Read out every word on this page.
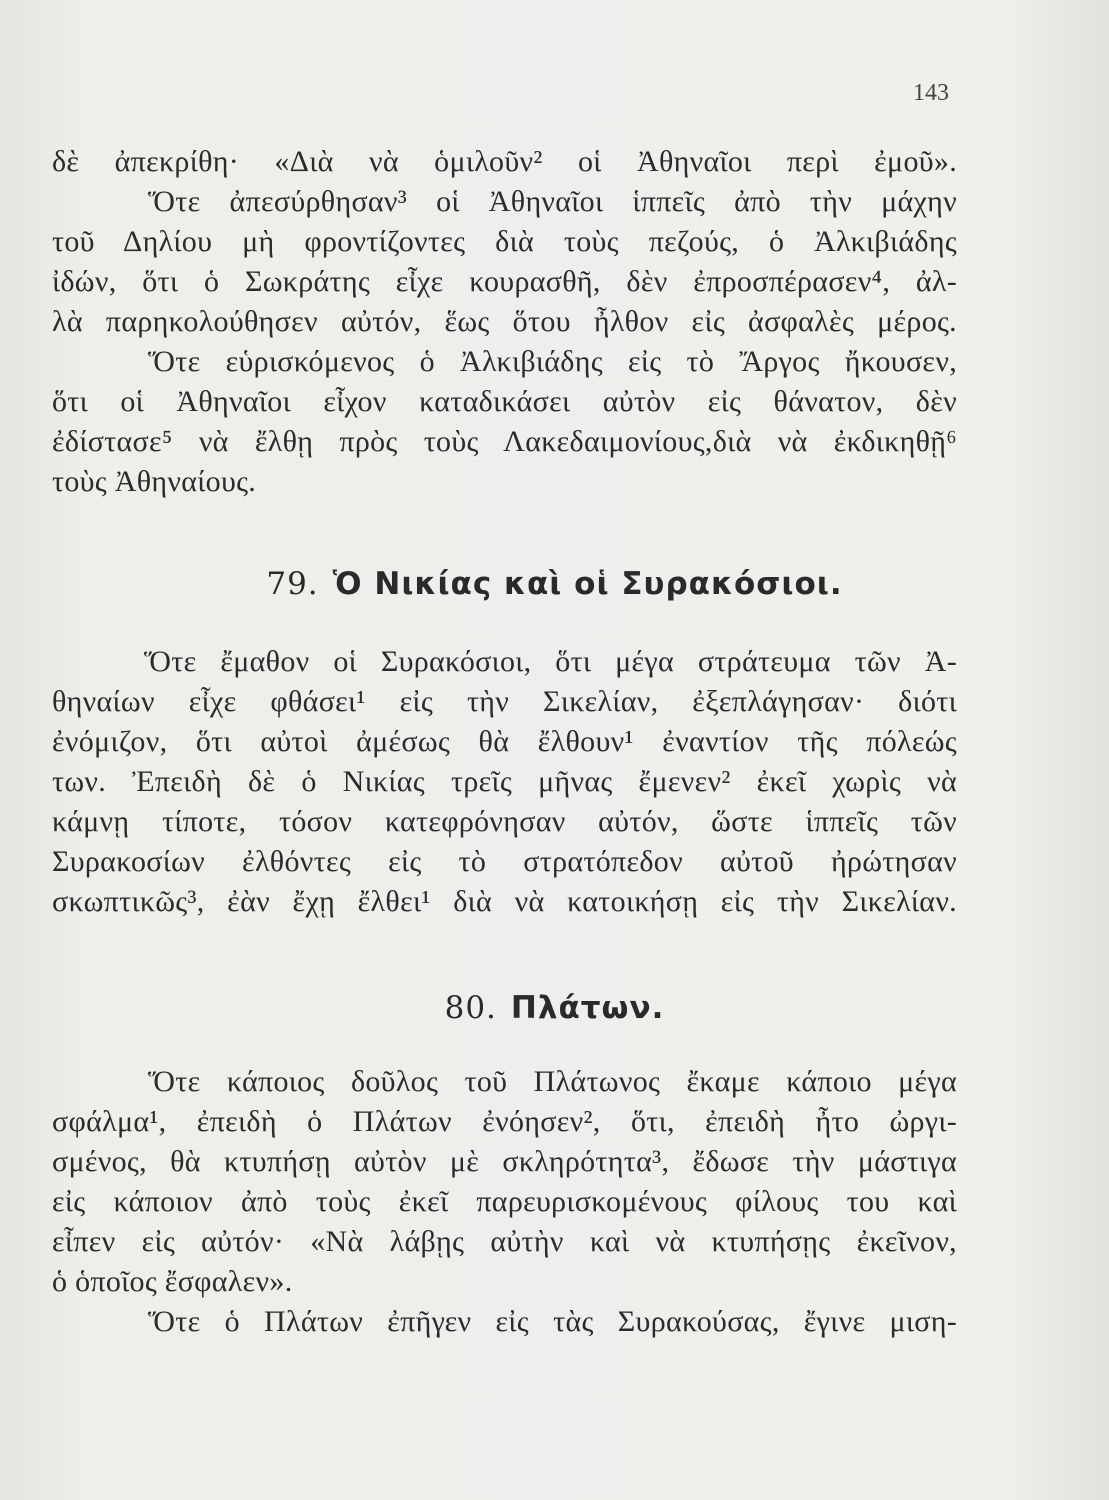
143
δὲ ἀπεκρίθη· «Διὰ νὰ ὁμιλοῦν² οἱ Ἀθηναῖοι περὶ ἐμοῦ».
Ὅτε ἀπεσύρθησαν³ οἱ Ἀθηναῖοι ἱππεῖς ἀπὸ τὴν μάχην
τοῦ Δηλίου μὴ φροντίζοντες διὰ τοὺς πεζούς, ὁ Ἀλκιβιάδης
ἰδών, ὅτι ὁ Σωκράτης εἶχε κουρασθῆ, δὲν ἐπροσπέρασεν⁴, ἀλ-
λὰ παρηκολούθησεν αὐτόν, ἕως ὅτου ἦλθον εἰς ἀσφαλὲς μέρος.
Ὅτε εὑρισκόμενος ὁ Ἀλκιβιάδης εἰς τὸ Ἄργος ἤκουσεν,
ὅτι οἱ Ἀθηναῖοι εἶχον καταδικάσει αὐτὸν εἰς θάνατον, δὲν
ἐδίστασε⁵ νὰ ἔλθῃ πρὸς τοὺς Λακεδαιμονίους,διὰ νὰ ἐκδικηθῇ⁶
τοὺς Ἀθηναίους.
79. Ὁ Νικίας καὶ οἱ Συρακόσιοι.
Ὅτε ἔμαθον οἱ Συρακόσιοι, ὅτι μέγα στράτευμα τῶν Ἀ-
θηναίων εἶχε φθάσει¹ εἰς τὴν Σικελίαν, ἐξεπλάγησαν· διότι
ἐνόμιζον, ὅτι αὐτοὶ ἀμέσως θὰ ἔλθουν¹ ἐναντίον τῆς πόλεώς
των. Ἐπειδὴ δὲ ὁ Νικίας τρεῖς μῆνας ἔμενεν² ἐκεῖ χωρὶς νὰ
κάμνῃ τίποτε, τόσον κατεφρόνησαν αὐτόν, ὥστε ἱππεῖς τῶν
Συρακοσίων ἐλθόντες εἰς τὸ στρατόπεδον αὐτοῦ ἠρώτησαν
σκωπτικῶς³, ἐὰν ἔχῃ ἔλθει¹ διὰ νὰ κατοικήσῃ εἰς τὴν Σικελίαν.
80. Πλάτων.
Ὅτε κάποιος δοῦλος τοῦ Πλάτωνος ἔκαμε κάποιο μέγα
σφάλμα¹, ἐπειδὴ ὁ Πλάτων ἐνόησεν², ὅτι, ἐπειδὴ ἦτο ὠργι-
σμένος, θὰ κτυπήσῃ αὐτὸν μὲ σκληρότητα³, ἔδωσε τὴν μάστιγα
εἰς κάποιον ἀπὸ τοὺς ἐκεῖ παρευρισκομένους φίλους του καὶ
εἶπεν εἰς αὐτόν· «Νὰ λάβῃς αὐτὴν καὶ νὰ κτυπήσῃς ἐκεῖνον,
ὁ ὁποῖος ἔσφαλεν».
Ὅτε ὁ Πλάτων ἐπῆγεν εἰς τὰς Συρακούσας, ἔγινε μιση-
